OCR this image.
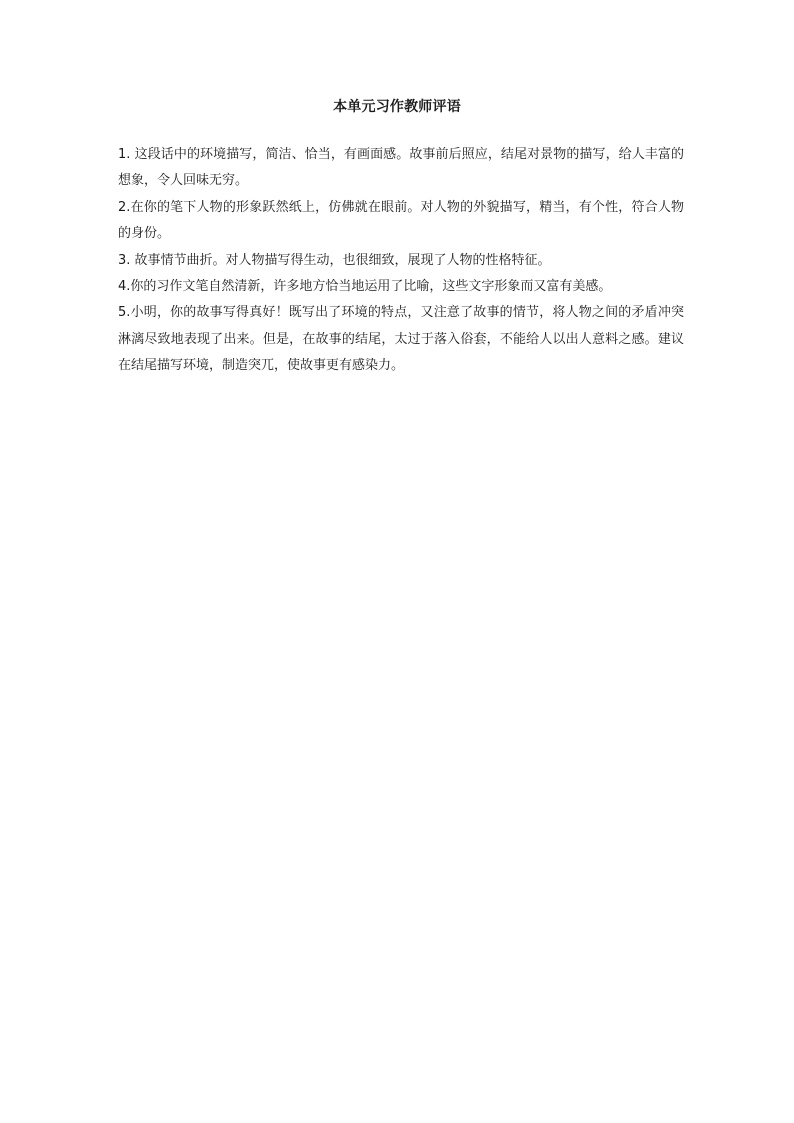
本单元习作教师评语

1. 这段话中的环境描写，简洁、恰当，有画面感。故事前后照应，结尾对景物的描写，给人丰富的想象，令人回味无穷。

2.在你的笔下人物的形象跃然纸上，仿佛就在眼前。对人物的外貌描写，精当，有个性，符合人物的身份。

3. 故事情节曲折。对人物描写得生动，也很细致，展现了人物的性格特征。

4.你的习作文笔自然清新，许多地方恰当地运用了比喻，这些文字形象而又富有美感。

5.小明，你的故事写得真好！既写出了环境的特点，又注意了故事的情节，将人物之间的矛盾冲突淋漓尽致地表现了出来。但是，在故事的结尾，太过于落入俗套，不能给人以出人意料之感。建议在结尾描写环境，制造突兀，使故事更有感染力。
